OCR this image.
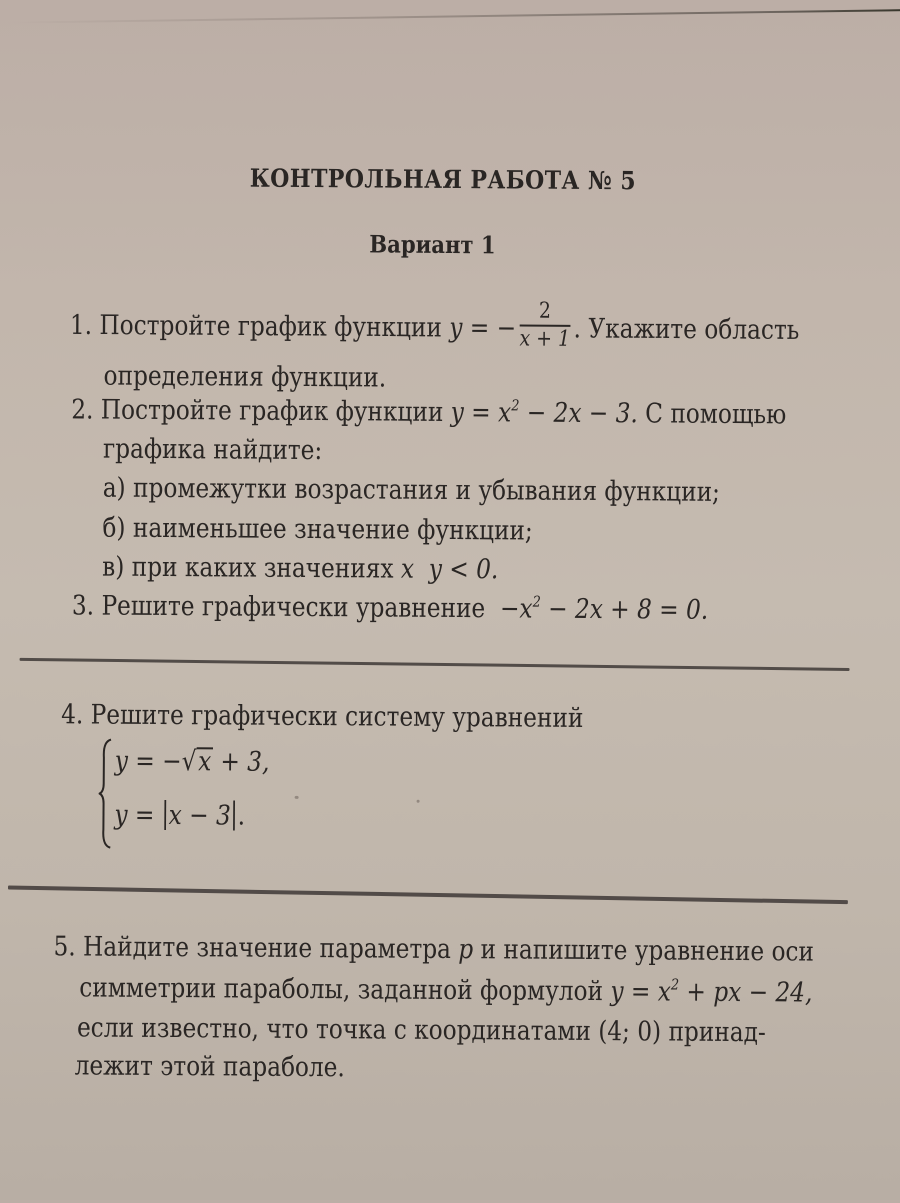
КОНТРОЛЬНАЯ РАБОТА № 5
Вариант 1
1. Постройте график функции y = − $\frac{2}{x + 1}$ . Укажите область
определения функции.
2. Постройте график функции $y = x^2 - 2x - 3$. С помощью
графика найдите:
а) промежутки возрастания и убывания функции;
б) наименьшее значение функции;
в) при каких значениях x y < 0.
3. Решите графически уравнение $-x^2 - 2x + 8 = 0$.
4. Решите графически систему уравнений
y = −√x + 3,
y = x − 3 .
5. Найдите значение параметра p и напишите уравнение оси
симметрии параболы, заданной формулой $y = x^2$ + px − 24,
если известно, что точка с координатами (4; 0) принад-
лежит этой параболе.
